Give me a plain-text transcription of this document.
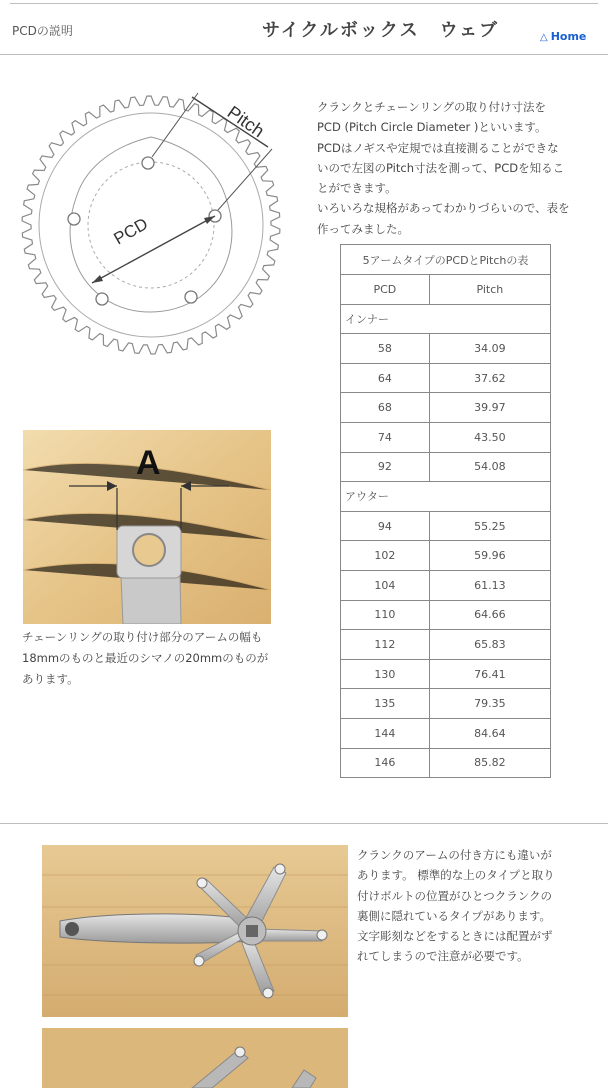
PCDの説明	サイクルボックス　ウェブ	△ Home
Pitch
PCD
クランクとチェーンリングの取り付け寸法を
PCD (Pitch Circle Diameter )といいます。
PCDはノギスや定規では直接測ることができな
いので左図のPitch寸法を測って、PCDを知るこ
とができます。
いろいろな規格があってわかりづらいので、表を
作ってみました。
5アームタイプのPCDとPitchの表	
PCD	Pitch
インナー	
58	34.09
64	37.62
68	39.97
74	43.50
92	54.08
アウター	
94	55.25
102	59.96
104	61.13
110	64.66
112	65.83
130	76.41
135	79.35
144	84.64
146	85.82
A
チェーンリングの取り付け部分のアームの幅も
18mmのものと最近のシマノの20mmのものが
あります。
クランクのアームの付き方にも違いが
あります。 標準的な上のタイプと取り
付けボルトの位置がひとつクランクの
裏側に隠れているタイプがあります。
文字彫刻などをするときには配置がず
れてしまうので注意が必要です。
